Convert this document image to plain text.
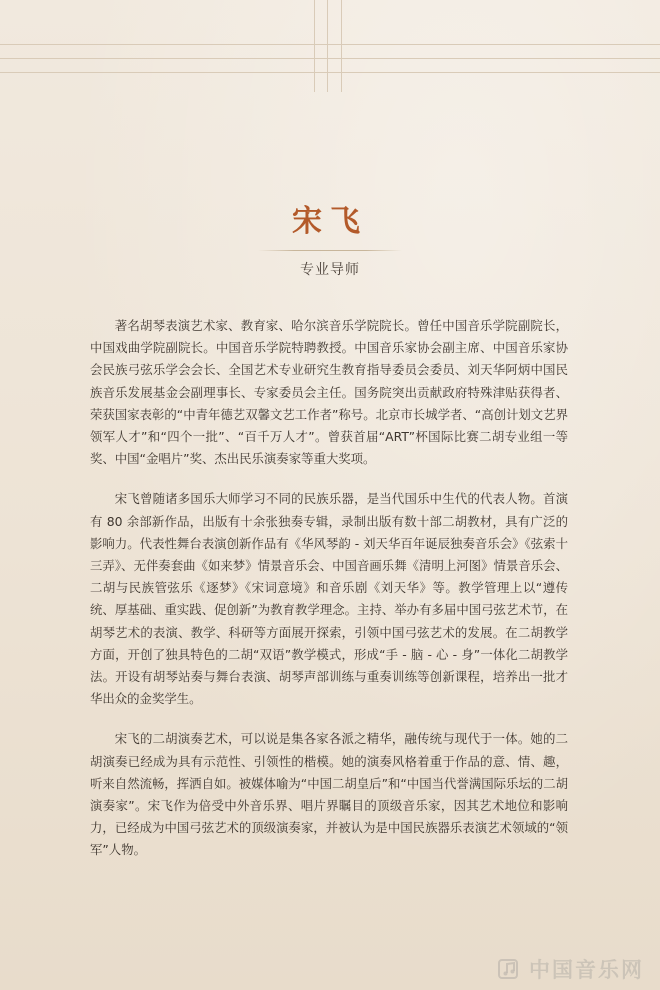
宋飞
专业导师

著名胡琴表演艺术家、教育家、哈尔滨音乐学院院长。曾任中国音乐学院副院长，中国戏曲学院副院长。中国音乐学院特聘教授。中国音乐家协会副主席、中国音乐家协会民族弓弦乐学会会长、全国艺术专业研究生教育指导委员会委员、刘天华阿炳中国民族音乐发展基金会副理事长、专家委员会主任。国务院突出贡献政府特殊津贴获得者、荣获国家表彰的“中青年德艺双馨文艺工作者”称号。北京市长城学者、“高创计划文艺界领军人才”和“四个一批”、“百千万人才”。曾获首届“ART”杯国际比赛二胡专业组一等奖、中国“金唱片”奖、杰出民乐演奏家等重大奖项。

宋飞曾随诸多国乐大师学习不同的民族乐器，是当代国乐中生代的代表人物。首演有 80 余部新作品，出版有十余张独奏专辑，录制出版有数十部二胡教材，具有广泛的影响力。代表性舞台表演创新作品有《华风琴韵 - 刘天华百年诞辰独奏音乐会》《弦索十三弄》、无伴奏套曲《如来梦》情景音乐会、中国音画乐舞《清明上河图》情景音乐会、二胡与民族管弦乐《逐梦》《宋词意境》和音乐剧《刘天华》等。教学管理上以“遵传统、厚基础、重实践、促创新”为教育教学理念。主持、举办有多届中国弓弦艺术节，在胡琴艺术的表演、教学、科研等方面展开探索，引领中国弓弦艺术的发展。在二胡教学方面，开创了独具特色的二胡“双语”教学模式，形成“手 - 脑 - 心 - 身”一体化二胡教学法。开设有胡琴站奏与舞台表演、胡琴声部训练与重奏训练等创新课程，培养出一批才华出众的金奖学生。

宋飞的二胡演奏艺术，可以说是集各家各派之精华，融传统与现代于一体。她的二胡演奏已经成为具有示范性、引领性的楷模。她的演奏风格着重于作品的意、情、趣，听来自然流畅，挥洒自如。被媒体喻为“中国二胡皇后”和“中国当代誉满国际乐坛的二胡演奏家”。宋飞作为倍受中外音乐界、唱片界瞩目的顶级音乐家，因其艺术地位和影响力，已经成为中国弓弦艺术的顶级演奏家，并被认为是中国民族器乐表演艺术领域的“领军”人物。

中国音乐网
